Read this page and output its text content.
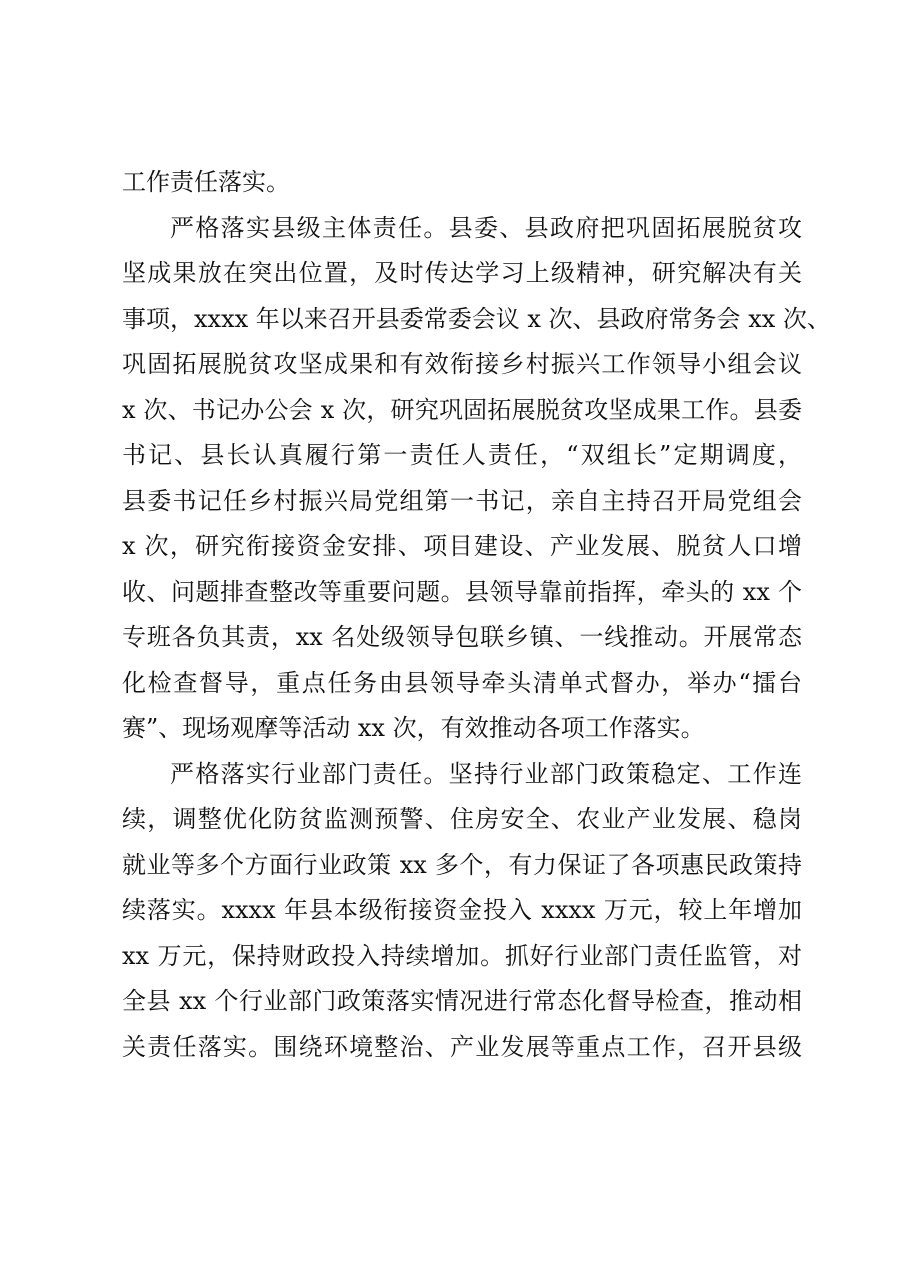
工作责任落实。
严格落实县级主体责任。县委、县政府把巩固拓展脱贫攻
坚成果放在突出位置，及时传达学习上级精神，研究解决有关
事项，xxxx 年以来召开县委常委会议 x 次、县政府常务会 xx 次、
巩固拓展脱贫攻坚成果和有效衔接乡村振兴工作领导小组会议
x 次、书记办公会 x 次，研究巩固拓展脱贫攻坚成果工作。县委
书记、县长认真履行第一责任人责任，“双组长”定期调度，
县委书记任乡村振兴局党组第一书记，亲自主持召开局党组会
x 次，研究衔接资金安排、项目建设、产业发展、脱贫人口增
收、问题排查整改等重要问题。县领导靠前指挥，牵头的 xx 个
专班各负其责，xx 名处级领导包联乡镇、一线推动。开展常态
化检查督导，重点任务由县领导牵头清单式督办，举办“擂台
赛”、现场观摩等活动 xx 次，有效推动各项工作落实。
严格落实行业部门责任。坚持行业部门政策稳定、工作连
续，调整优化防贫监测预警、住房安全、农业产业发展、稳岗
就业等多个方面行业政策 xx 多个，有力保证了各项惠民政策持
续落实。xxxx 年县本级衔接资金投入 xxxx 万元，较上年增加
xx 万元，保持财政投入持续增加。抓好行业部门责任监管，对
全县 xx 个行业部门政策落实情况进行常态化督导检查，推动相
关责任落实。围绕环境整治、产业发展等重点工作，召开县级
